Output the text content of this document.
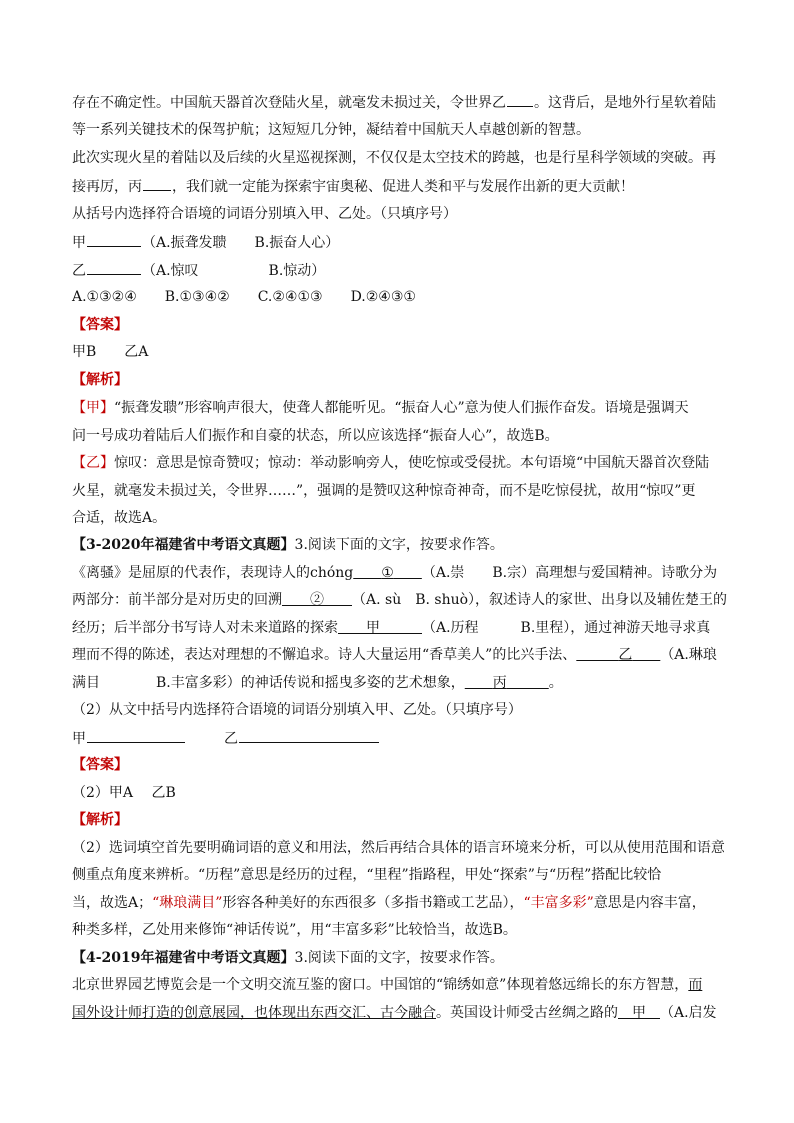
存在不确定性。中国航天器首次登陆火星，就毫发未损过关，令世界乙 。这背后，是地外行星软着陆
等一系列关键技术的保驾护航；这短短几分钟，凝结着中国航天人卓越创新的智慧。
此次实现火星的着陆以及后续的火星巡视探测，不仅仅是太空技术的跨越，也是行星科学领域的突破。再
接再厉，丙 ，我们就一定能为探索宇宙奥秘、促进人类和平与发展作出新的更大贡献！
从括号内选择符合语境的词语分别填入甲、乙处。（只填序号）
甲	（A.振聋发聩　　B.振奋人心）
乙	（A.惊叹　　　　　B.惊动）
A.①③②④　　B.①③④②　　C.②④①③　　D.②④③①
【答案】
甲B　　乙A
【解析】
【甲】“振聋发聩”形容响声很大，使聋人都能听见。“振奋人心”意为使人们振作奋发。语境是强调天
问一号成功着陆后人们振作和自豪的状态，所以应该选择“振奋人心”，故选B。
【乙】惊叹：意思是惊奇赞叹；惊动：举动影响旁人，使吃惊或受侵扰。本句语境“中国航天器首次登陆
火星，就毫发未损过关，令世界……”，强调的是赞叹这种惊奇神奇，而不是吃惊侵扰，故用“惊叹”更
合适，故选A。
【3-2020年福建省中考语文真题】3.阅读下面的文字，按要求作答。
《离骚》是屈原的代表作，表现诗人的chóng   ①   （A.崇　　B.宗）高理想与爱国精神。诗歌分为
两部分：前半部分是对历史的回溯   ②   （A. sù　B. shuò），叙述诗人的家世、出身以及辅佐楚王的
经历；后半部分书写诗人对未来道路的探索   甲   	（A.历程　　　B.里程），通过神游天地寻求真
理而不得的陈述，表达对理想的不懈追求。诗人大量运用“香草美人”的比兴手法、   	乙   （A.琳琅
满目　　　　B.丰富多彩）的神话传说和摇曳多姿的艺术想象，   丙   	。
（2）从文中括号内选择符合语境的词语分别填入甲、乙处。（只填序号）
甲	乙
【答案】
（2）甲A　 乙B
【解析】
（2）选词填空首先要明确词语的意义和用法，然后再结合具体的语言环境来分析，可以从使用范围和语意
侧重点角度来辨析。“历程”意思是经历的过程，“里程”指路程，甲处“探索”与“历程”搭配比较恰
当，故选A；“琳琅满目”形容各种美好的东西很多（多指书籍或工艺品），“丰富多彩”意思是内容丰富，
种类多样，乙处用来修饰“神话传说”，用“丰富多彩”比较恰当，故选B。
【4-2019年福建省中考语文真题】3.阅读下面的文字，按要求作答。
北京世界园艺博览会是一个文明交流互鉴的窗口。中国馆的“锦绣如意”体现着悠远绵长的东方智慧，而
国外设计师打造的创意展园，也体现出东西交汇、古今融合。英国设计师受古丝绸之路的   甲   （A.启发
